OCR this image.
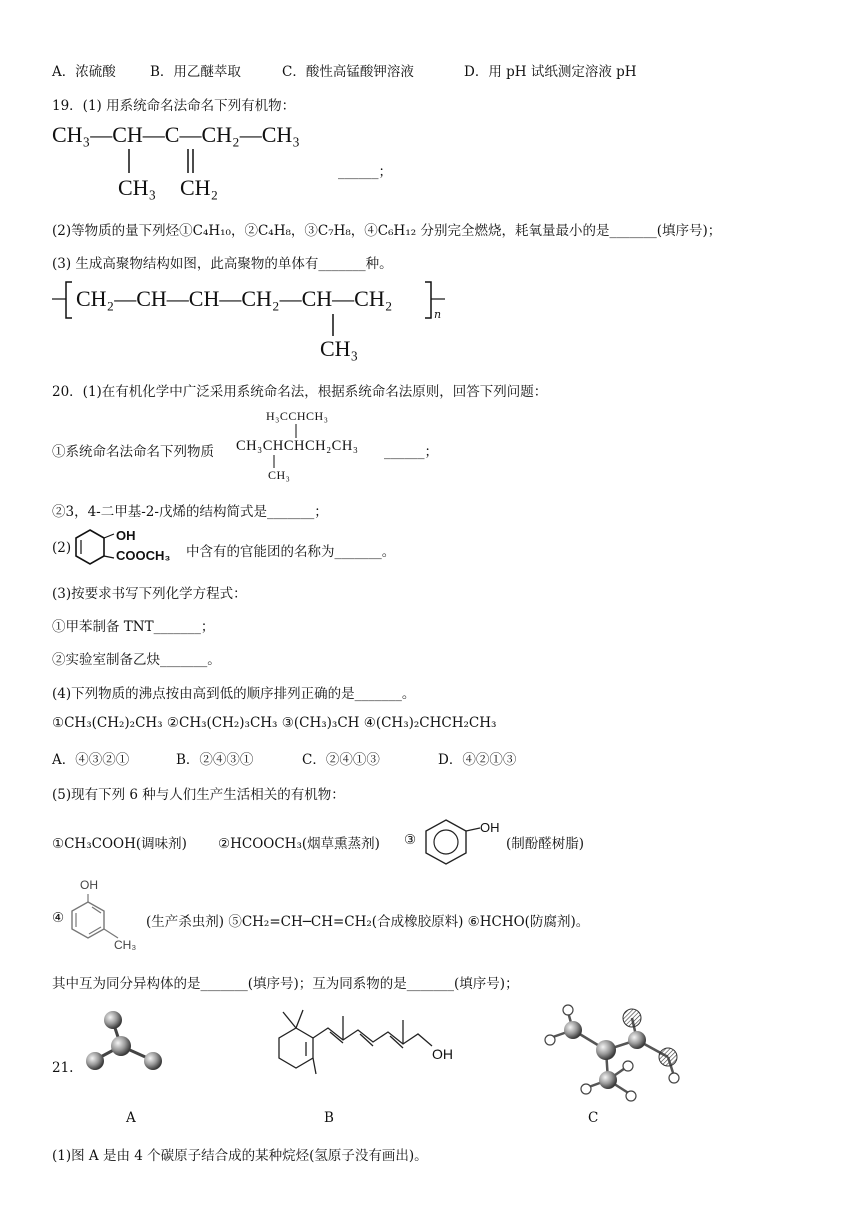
A．浓硫酸	B．用乙醚萃取	C．酸性高锰酸钾溶液	D．用 pH 试纸测定溶液 pH
19．(1) 用系统命名法命名下列有机物：
CH₃—CH—C—CH₂—CH₃
CH₃ CH₂
______；
(2)等物质的量下列烃①C₄H₁₀，②C₄H₈，③C₇H₈，④C₆H₁₂ 分别完全燃烧，耗氧量最小的是_______(填序号)；
(3) 生成高聚物结构如图，此高聚物的单体有_______种。
CH₂—CH—CH—CH₂—CH—CH₂
n
CH₃
20．(1)在有机化学中广泛采用系统命名法，根据系统命名法原则，回答下列问题：
H₃CCHCH₃
①系统命名法命名下列物质 CH₃CHCHCH₂CH₃ ______；
CH₃
②3，4-二甲基-2-戊烯的结构简式是_______；
(2)
OH
COOCH₃ 中含有的官能团的名称为_______。
(3)按要求书写下列化学方程式：
①甲苯制备 TNT_______；
②实验室制备乙炔_______。
(4)下列物质的沸点按由高到低的顺序排列正确的是_______。
①CH₃(CH₂)₂CH₃ ②CH₃(CH₂)₃CH₃ ③(CH₃)₃CH ④(CH₃)₂CHCH₂CH₃
A．④③②①	B．②④③①	C．②④①③	D．④②①③
(5)现有下列 6 种与人们生产生活相关的有机物：
①CH₃COOH(调味剂) ②HCOOCH₃(烟草熏蒸剂) ③
OH
(制酚醛树脂)
OH
④
CH₃
(生产杀虫剂) ⑤CH₂=CH─CH=CH₂(合成橡胶原料) ⑥HCHO(防腐剂)。
其中互为同分异构体的是_______(填序号)；互为同系物的是_______(填序号)；
21.
A
OH
B	C
(1)图 A 是由 4 个碳原子结合成的某种烷烃(氢原子没有画出)。
